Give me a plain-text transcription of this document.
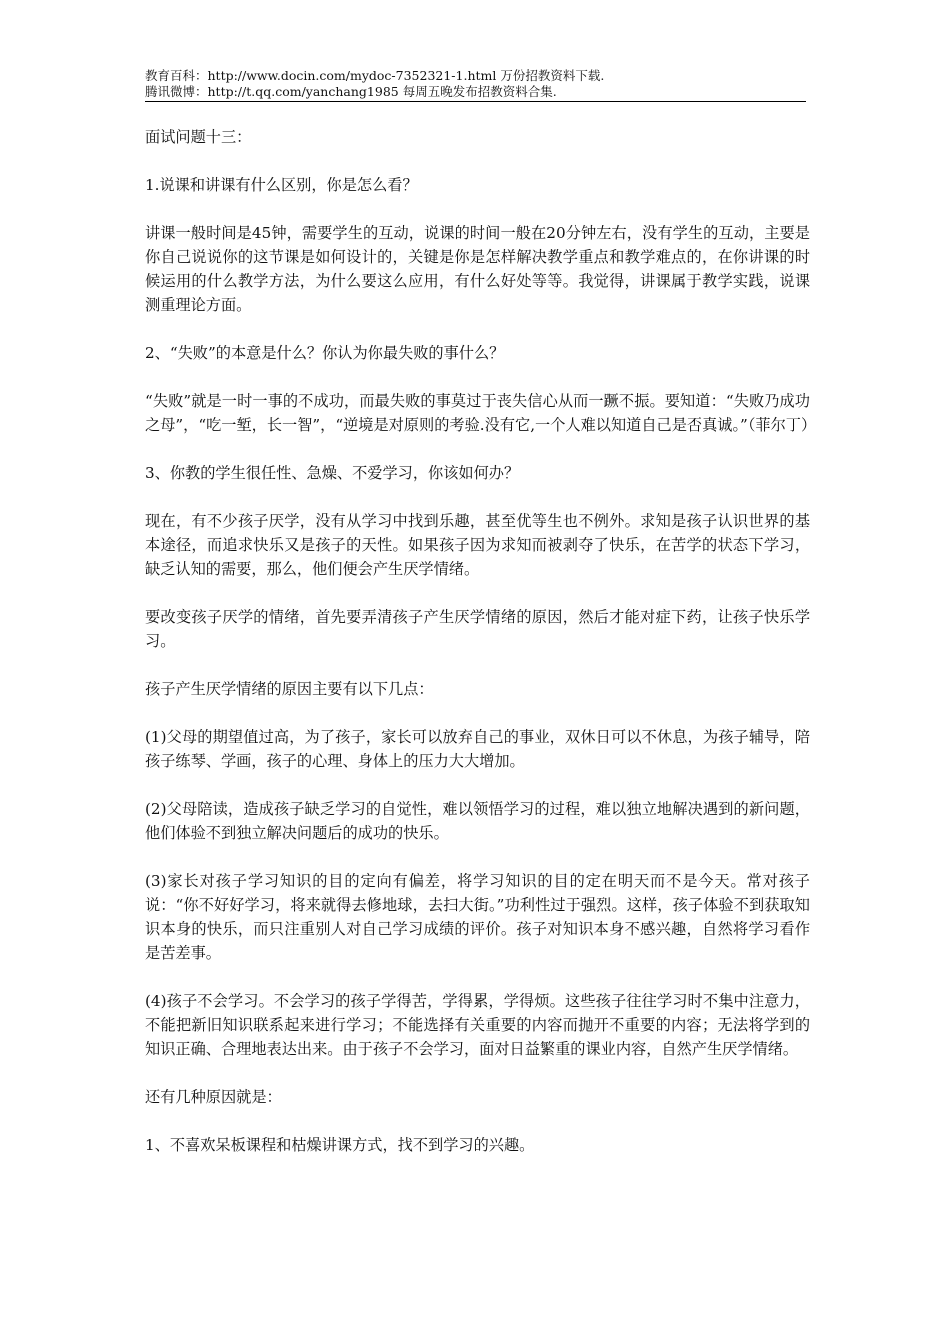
教育百科：http://www.docin.com/mydoc-7352321-1.html 万份招教资料下载.
腾讯微博：http://t.qq.com/yanchang1985 每周五晚发布招教资料合集.

面试问题十三：

1.说课和讲课有什么区别，你是怎么看？

讲课一般时间是45钟，需要学生的互动，说课的时间一般在20分钟左右，没有学生的互动，主要是你自己说说你的这节课是如何设计的，关键是你是怎样解决教学重点和教学难点的，在你讲课的时候运用的什么教学方法，为什么要这么应用，有什么好处等等。我觉得，讲课属于教学实践，说课测重理论方面。

2、“失败”的本意是什么？你认为你最失败的事什么？

“失败”就是一时一事的不成功，而最失败的事莫过于丧失信心从而一蹶不振。要知道：“失败乃成功之母”，“吃一堑，长一智”，“逆境是对原则的考验.没有它,一个人难以知道自己是否真诚。”（菲尔丁）

3、你教的学生很任性、急燥、不爱学习，你该如何办？

现在，有不少孩子厌学，没有从学习中找到乐趣，甚至优等生也不例外。求知是孩子认识世界的基本途径，而追求快乐又是孩子的天性。如果孩子因为求知而被剥夺了快乐，在苦学的状态下学习，缺乏认知的需要，那么，他们便会产生厌学情绪。

要改变孩子厌学的情绪，首先要弄清孩子产生厌学情绪的原因，然后才能对症下药，让孩子快乐学习。

孩子产生厌学情绪的原因主要有以下几点：

(1)父母的期望值过高，为了孩子，家长可以放弃自己的事业，双休日可以不休息，为孩子辅导，陪孩子练琴、学画，孩子的心理、身体上的压力大大增加。

(2)父母陪读，造成孩子缺乏学习的自觉性，难以领悟学习的过程，难以独立地解决遇到的新问题，他们体验不到独立解决问题后的成功的快乐。

(3)家长对孩子学习知识的目的定向有偏差，将学习知识的目的定在明天而不是今天。常对孩子说：“你不好好学习，将来就得去修地球，去扫大街。”功利性过于强烈。这样，孩子体验不到获取知识本身的快乐，而只注重别人对自己学习成绩的评价。孩子对知识本身不感兴趣，自然将学习看作是苦差事。

(4)孩子不会学习。不会学习的孩子学得苦，学得累，学得烦。这些孩子往往学习时不集中注意力，不能把新旧知识联系起来进行学习；不能选择有关重要的内容而抛开不重要的内容；无法将学到的知识正确、合理地表达出来。由于孩子不会学习，面对日益繁重的课业内容，自然产生厌学情绪。

还有几种原因就是：

1、不喜欢呆板课程和枯燥讲课方式，找不到学习的兴趣。
